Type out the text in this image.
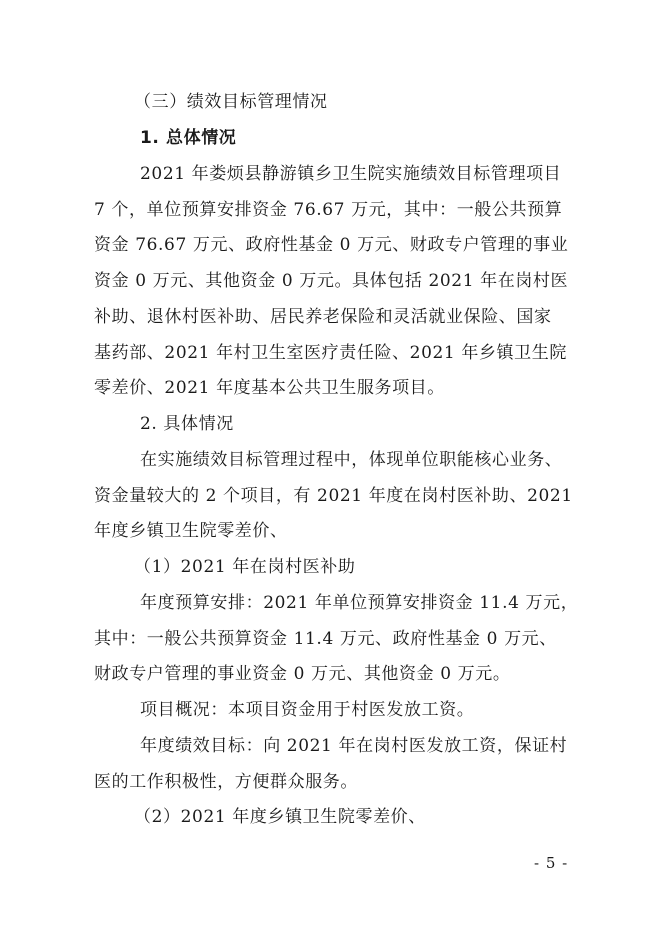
（三）绩效目标管理情况

1. 总体情况

2021 年娄烦县静游镇乡卫生院实施绩效目标管理项目

7 个，单位预算安排资金 76.67 万元，其中：一般公共预算

资金 76.67 万元、政府性基金 0 万元、财政专户管理的事业

资金 0 万元、其他资金 0 万元。具体包括 2021 年在岗村医

补助、退休村医补助、居民养老保险和灵活就业保险、国家

基药部、2021 年村卫生室医疗责任险、2021 年乡镇卫生院

零差价、2021 年度基本公共卫生服务项目。

2. 具体情况

在实施绩效目标管理过程中，体现单位职能核心业务、

资金量较大的 2 个项目，有 2021 年度在岗村医补助、2021

年度乡镇卫生院零差价、

（1）2021 年在岗村医补助

年度预算安排：2021 年单位预算安排资金 11.4 万元，

其中：一般公共预算资金 11.4 万元、政府性基金 0 万元、

财政专户管理的事业资金 0 万元、其他资金 0 万元。

项目概况：本项目资金用于村医发放工资。

年度绩效目标：向 2021 年在岗村医发放工资，保证村

医的工作积极性，方便群众服务。

（2）2021 年度乡镇卫生院零差价、

- 5 -
